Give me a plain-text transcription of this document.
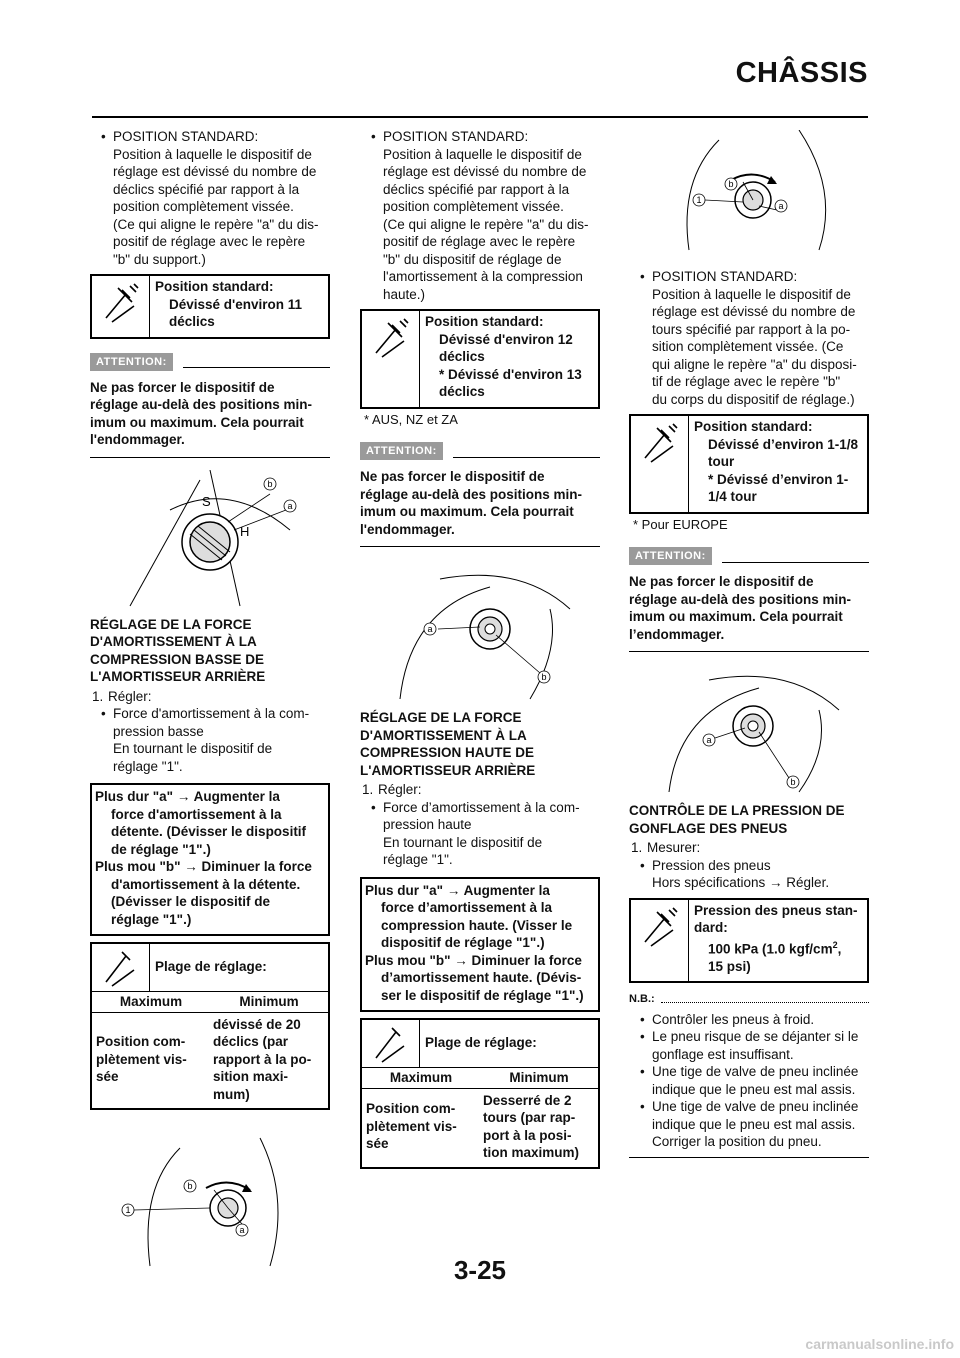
CHÂSSIS
• POSITION STANDARD:
Position à laquelle le dispositif de
réglage est dévissé du nombre de
déclics spécifié par rapport à la
position complètement vissée.
(Ce qui aligne le repère "a" du dis-
positif de réglage avec le repère
"b" du support.)
Position standard:
Dévissé d'environ 11
déclics
ATTENTION:
Ne pas forcer le dispositif de
réglage au-delà des positions min-
imum ou maximum. Cela pourrait
l'endommager.
b
a
S
H
RÉGLAGE DE LA FORCE
D'AMORTISSEMENT À LA
COMPRESSION BASSE DE
L'AMORTISSEUR ARRIÈRE
1. Régler:
• Force d'amortissement à la com-
pression basse
En tournant le dispositif de
réglage "1".
Plus dur "a" → Augmenter la
force d'amortissement à la
détente. (Dévisser le dispositif
de réglage "1".)
Plus mou "b" → Diminuer la force
d'amortissement à la détente.
(Dévisser le dispositif de
réglage "1".)
Plage de réglage:
Maximum	Minimum
Position com-
plètement vis-
sée
dévissé de 20
déclics (par
rapport à la po-
sition maxi-
mum)
b
1
a
• POSITION STANDARD:
Position à laquelle le dispositif de
réglage est dévissé du nombre de
déclics spécifié par rapport à la
position complètement vissée.
(Ce qui aligne le repère "a" du dis-
positif de réglage avec le repère
"b" du dispositif de réglage de
l'amortissement à la compression
haute.)
Position standard:
Dévissé d'environ 12
déclics
* Dévissé d'environ 13
déclics
* AUS, NZ et ZA
ATTENTION:
Ne pas forcer le dispositif de
réglage au-delà des positions min-
imum ou maximum. Cela pourrait
l'endommager.
a
b
RÉGLAGE DE LA FORCE
D'AMORTISSEMENT À LA
COMPRESSION HAUTE DE
L'AMORTISSEUR ARRIÈRE
1. Régler:
• Force d’amortissement à la com-
pression haute
En tournant le dispositif de
réglage "1".
Plus dur "a" → Augmenter la
force d’amortissement à la
compression haute. (Visser le
dispositif de réglage "1".)
Plus mou "b" → Diminuer la force
d’amortissement haute. (Dévis-
ser le dispositif de réglage "1".)
Plage de réglage:
Maximum	Minimum
Position com-
plètement vis-
sée
Desserré de 2
tours (par rap-
port à la posi-
tion maximum)
1
b
a
• POSITION STANDARD:
Position à laquelle le dispositif de
réglage est dévissé du nombre de
tours spécifié par rapport à la po-
sition complètement vissée. (Ce
qui aligne le repère "a" du disposi-
tif de réglage avec le repère "b"
du corps du dispositif de réglage.)
Position standard:
Dévissé d’environ 1-1/8
tour
* Dévissé d’environ 1-
1/4 tour
* Pour EUROPE
ATTENTION:
Ne pas forcer le dispositif de
réglage au-delà des positions min-
imum ou maximum. Cela pourrait
l’endommager.
a
b
CONTRÔLE DE LA PRESSION DE
GONFLAGE DES PNEUS
1. Mesurer:
• Pression des pneus
Hors spécifications → Régler.
Pression des pneus stan-
dard:
100 kPa (1.0 kgf/$cm^2$,
15 psi)
N.B.:
• Contrôler les pneus à froid.
• Le pneu risque de se déjanter si le
gonflage est insuffisant.
• Une tige de valve de pneu inclinée
indique que le pneu est mal assis.
• Une tige de valve de pneu inclinée
indique que le pneu est mal assis.
Corriger la position du pneu.
3-25
carmanualsonline.info
